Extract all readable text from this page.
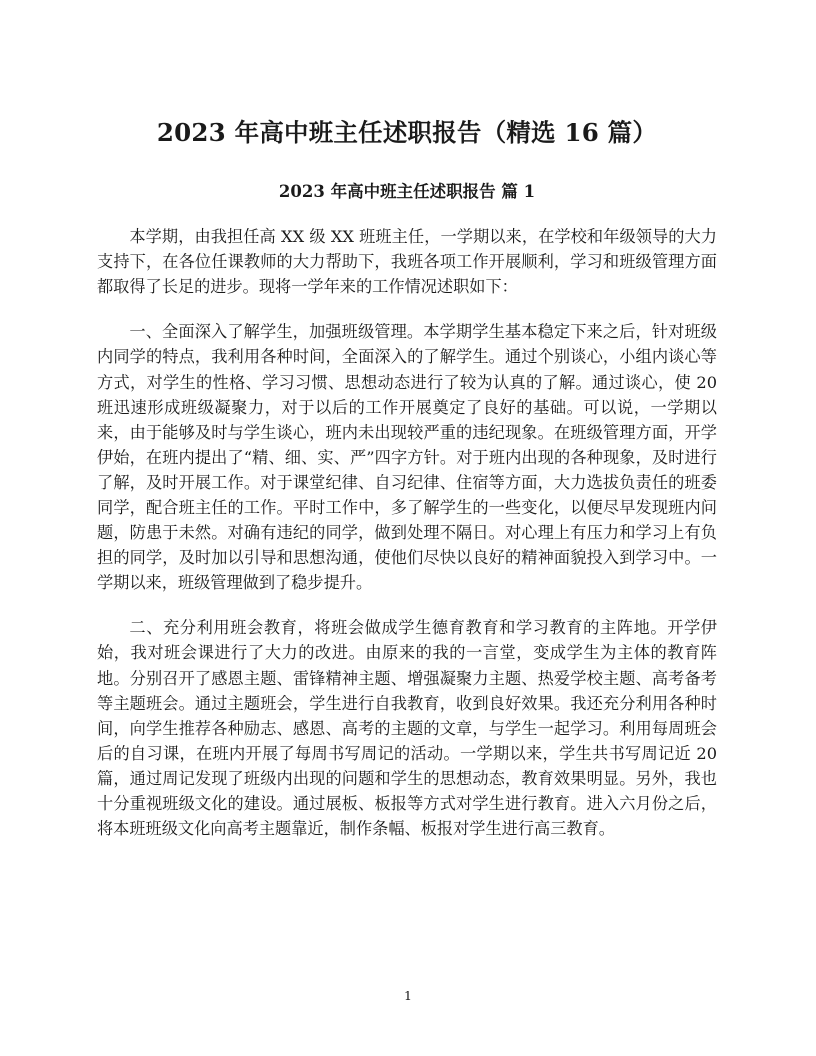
2023 年高中班主任述职报告（精选 16 篇）
2023 年高中班主任述职报告 篇 1

本学期，由我担任高 XX 级 XX 班班主任，一学期以来，在学校和年级领导的大力支持下，在各位任课教师的大力帮助下，我班各项工作开展顺利，学习和班级管理方面都取得了长足的进步。现将一学年来的工作情况述职如下：

一、全面深入了解学生，加强班级管理。本学期学生基本稳定下来之后，针对班级内同学的特点，我利用各种时间，全面深入的了解学生。通过个别谈心，小组内谈心等方式，对学生的性格、学习习惯、思想动态进行了较为认真的了解。通过谈心，使 20 班迅速形成班级凝聚力，对于以后的工作开展奠定了良好的基础。可以说，一学期以来，由于能够及时与学生谈心，班内未出现较严重的违纪现象。在班级管理方面，开学伊始，在班内提出了“精、细、实、严”四字方针。对于班内出现的各种现象，及时进行了解，及时开展工作。对于课堂纪律、自习纪律、住宿等方面，大力选拔负责任的班委同学，配合班主任的工作。平时工作中，多了解学生的一些变化，以便尽早发现班内问题，防患于未然。对确有违纪的同学，做到处理不隔日。对心理上有压力和学习上有负担的同学，及时加以引导和思想沟通，使他们尽快以良好的精神面貌投入到学习中。一学期以来，班级管理做到了稳步提升。

二、充分利用班会教育，将班会做成学生德育教育和学习教育的主阵地。开学伊始，我对班会课进行了大力的改进。由原来的我的一言堂，变成学生为主体的教育阵地。分别召开了感恩主题、雷锋精神主题、增强凝聚力主题、热爱学校主题、高考备考等主题班会。通过主题班会，学生进行自我教育，收到良好效果。我还充分利用各种时间，向学生推荐各种励志、感恩、高考的主题的文章，与学生一起学习。利用每周班会后的自习课，在班内开展了每周书写周记的活动。一学期以来，学生共书写周记近 20 篇，通过周记发现了班级内出现的问题和学生的思想动态，教育效果明显。另外，我也十分重视班级文化的建设。通过展板、板报等方式对学生进行教育。进入六月份之后，将本班班级文化向高考主题靠近，制作条幅、板报对学生进行高三教育。

1
